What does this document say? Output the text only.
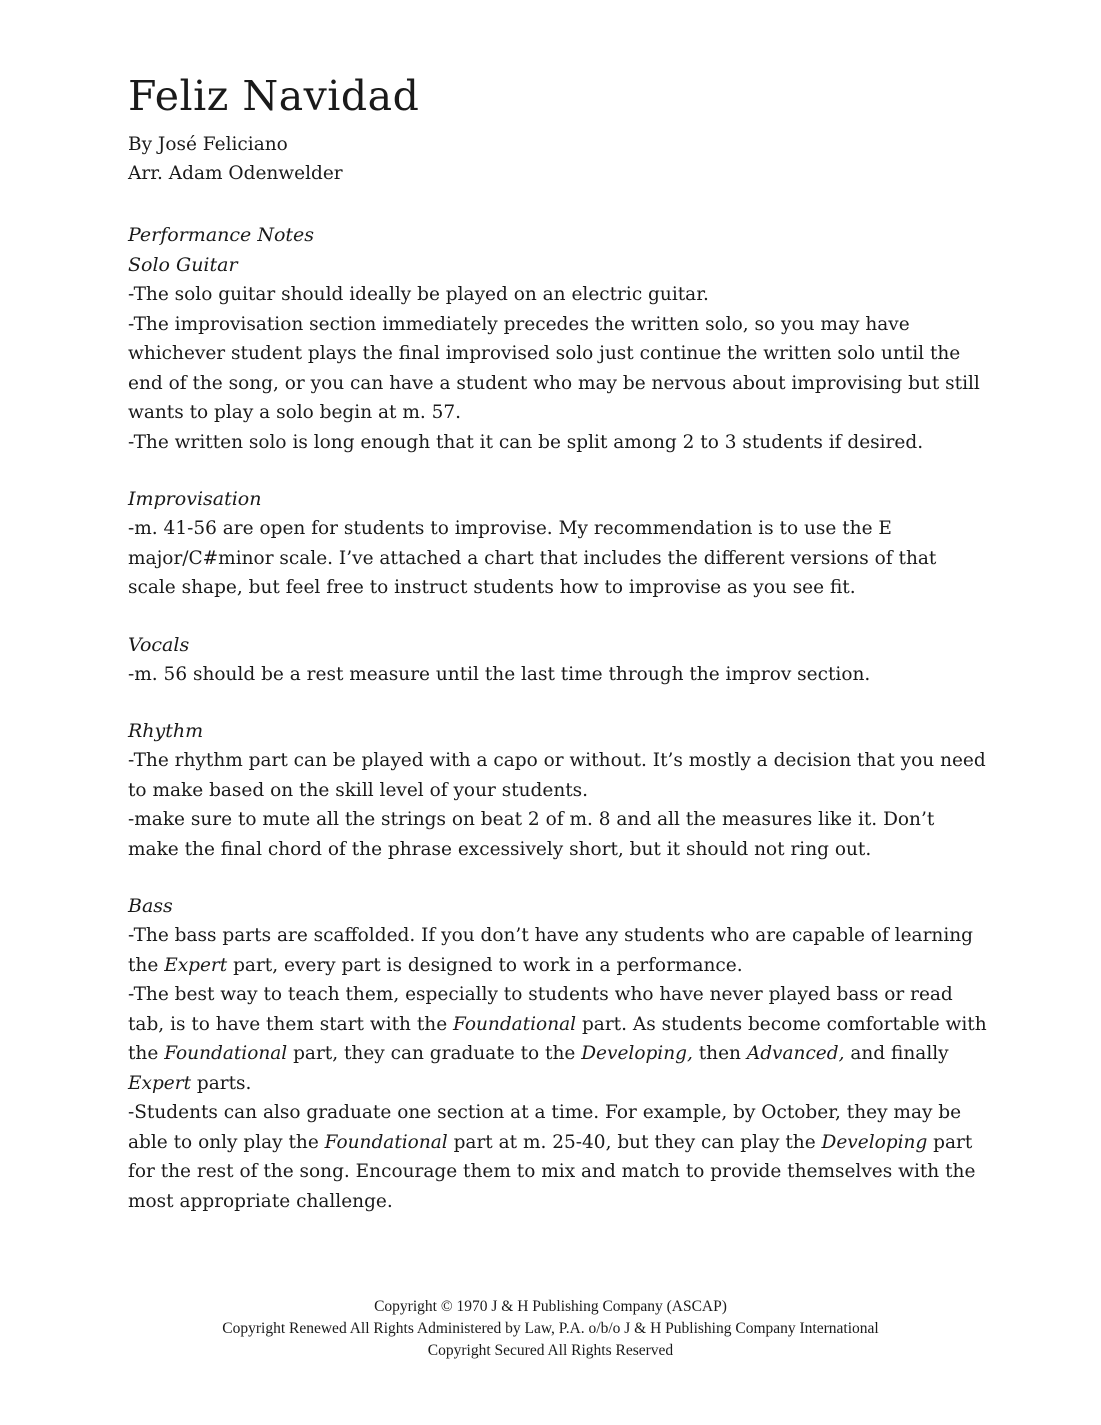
Feliz Navidad
By José Feliciano
Arr. Adam Odenwelder
Performance Notes
Solo Guitar

-The solo guitar should ideally be played on an electric guitar.

-The improvisation section immediately precedes the written solo, so you may have whichever student plays the final improvised solo just continue the written solo until the end of the song, or you can have a student who may be nervous about improvising but still wants to play a solo begin at m. 57.

-The written solo is long enough that it can be split among 2 to 3 students if desired.

Improvisation

-m. 41-56 are open for students to improvise. My recommendation is to use the E major/C#minor scale. I’ve attached a chart that includes the different versions of that scale shape, but feel free to instruct students how to improvise as you see fit.

Vocals

-m. 56 should be a rest measure until the last time through the improv section.

Rhythm

-The rhythm part can be played with a capo or without. It’s mostly a decision that you need to make based on the skill level of your students.

-make sure to mute all the strings on beat 2 of m. 8 and all the measures like it. Don’t make the final chord of the phrase excessively short, but it should not ring out.

Bass

-The bass parts are scaffolded. If you don’t have any students who are capable of learning the Expert part, every part is designed to work in a performance.

-The best way to teach them, especially to students who have never played bass or read tab, is to have them start with the Foundational part. As students become comfortable with the Foundational part, they can graduate to the Developing, then Advanced, and finally Expert parts.

-Students can also graduate one section at a time. For example, by October, they may be able to only play the Foundational part at m. 25-40, but they can play the Developing part for the rest of the song. Encourage them to mix and match to provide themselves with the most appropriate challenge.

Copyright © 1970 J & H Publishing Company (ASCAP)
Copyright Renewed All Rights Administered by Law, P.A. o/b/o J & H Publishing Company International
Copyright Secured All Rights Reserved
